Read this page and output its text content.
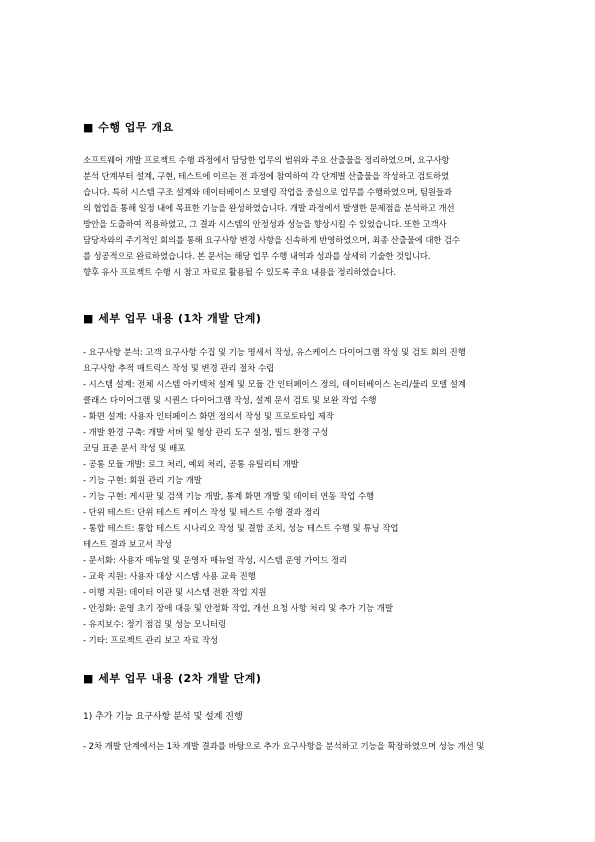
■ 수행 업무 개요
소프트웨어 개발 프로젝트 수행 과정에서 담당한 업무의 범위와 주요 산출물을 정리하였으며, 요구사항
분석 단계부터 설계, 구현, 테스트에 이르는 전 과정에 참여하여 각 단계별 산출물을 작성하고 검토하였
습니다. 특히 시스템 구조 설계와 데이터베이스 모델링 작업을 중심으로 업무를 수행하였으며, 팀원들과
의 협업을 통해 일정 내에 목표한 기능을 완성하였습니다. 개발 과정에서 발생한 문제점을 분석하고 개선
방안을 도출하여 적용하였고, 그 결과 시스템의 안정성과 성능을 향상시킬 수 있었습니다. 또한 고객사
담당자와의 주기적인 회의를 통해 요구사항 변경 사항을 신속하게 반영하였으며, 최종 산출물에 대한 검수
를 성공적으로 완료하였습니다. 본 문서는 해당 업무 수행 내역과 성과를 상세히 기술한 것입니다.
향후 유사 프로젝트 수행 시 참고 자료로 활용될 수 있도록 주요 내용을 정리하였습니다.
■ 세부 업무 내용 (1차 개발 단계)
- 요구사항 분석: 고객 요구사항 수집 및 기능 명세서 작성, 유스케이스 다이어그램 작성 및 검토 회의 진행
요구사항 추적 매트릭스 작성 및 변경 관리 절차 수립
- 시스템 설계: 전체 시스템 아키텍처 설계 및 모듈 간 인터페이스 정의, 데이터베이스 논리/물리 모델 설계
클래스 다이어그램 및 시퀀스 다이어그램 작성, 설계 문서 검토 및 보완 작업 수행
- 화면 설계: 사용자 인터페이스 화면 정의서 작성 및 프로토타입 제작
- 개발 환경 구축: 개발 서버 및 형상 관리 도구 설정, 빌드 환경 구성
코딩 표준 문서 작성 및 배포
- 공통 모듈 개발: 로그 처리, 예외 처리, 공통 유틸리티 개발
- 기능 구현: 회원 관리 기능 개발
- 기능 구현: 게시판 및 검색 기능 개발, 통계 화면 개발 및 데이터 연동 작업 수행
- 단위 테스트: 단위 테스트 케이스 작성 및 테스트 수행 결과 정리
- 통합 테스트: 통합 테스트 시나리오 작성 및 결함 조치, 성능 테스트 수행 및 튜닝 작업
테스트 결과 보고서 작성
- 문서화: 사용자 매뉴얼 및 운영자 매뉴얼 작성, 시스템 운영 가이드 정리
- 교육 지원: 사용자 대상 시스템 사용 교육 진행
- 이행 지원: 데이터 이관 및 시스템 전환 작업 지원
- 안정화: 운영 초기 장애 대응 및 안정화 작업, 개선 요청 사항 처리 및 추가 기능 개발
- 유지보수: 정기 점검 및 성능 모니터링
- 기타: 프로젝트 관리 보고 자료 작성
■ 세부 업무 내용 (2차 개발 단계)
1) 추가 기능 요구사항 분석 및 설계 진행
- 2차 개발 단계에서는 1차 개발 결과를 바탕으로 추가 요구사항을 분석하고 기능을 확장하였으며 성능 개선 및
